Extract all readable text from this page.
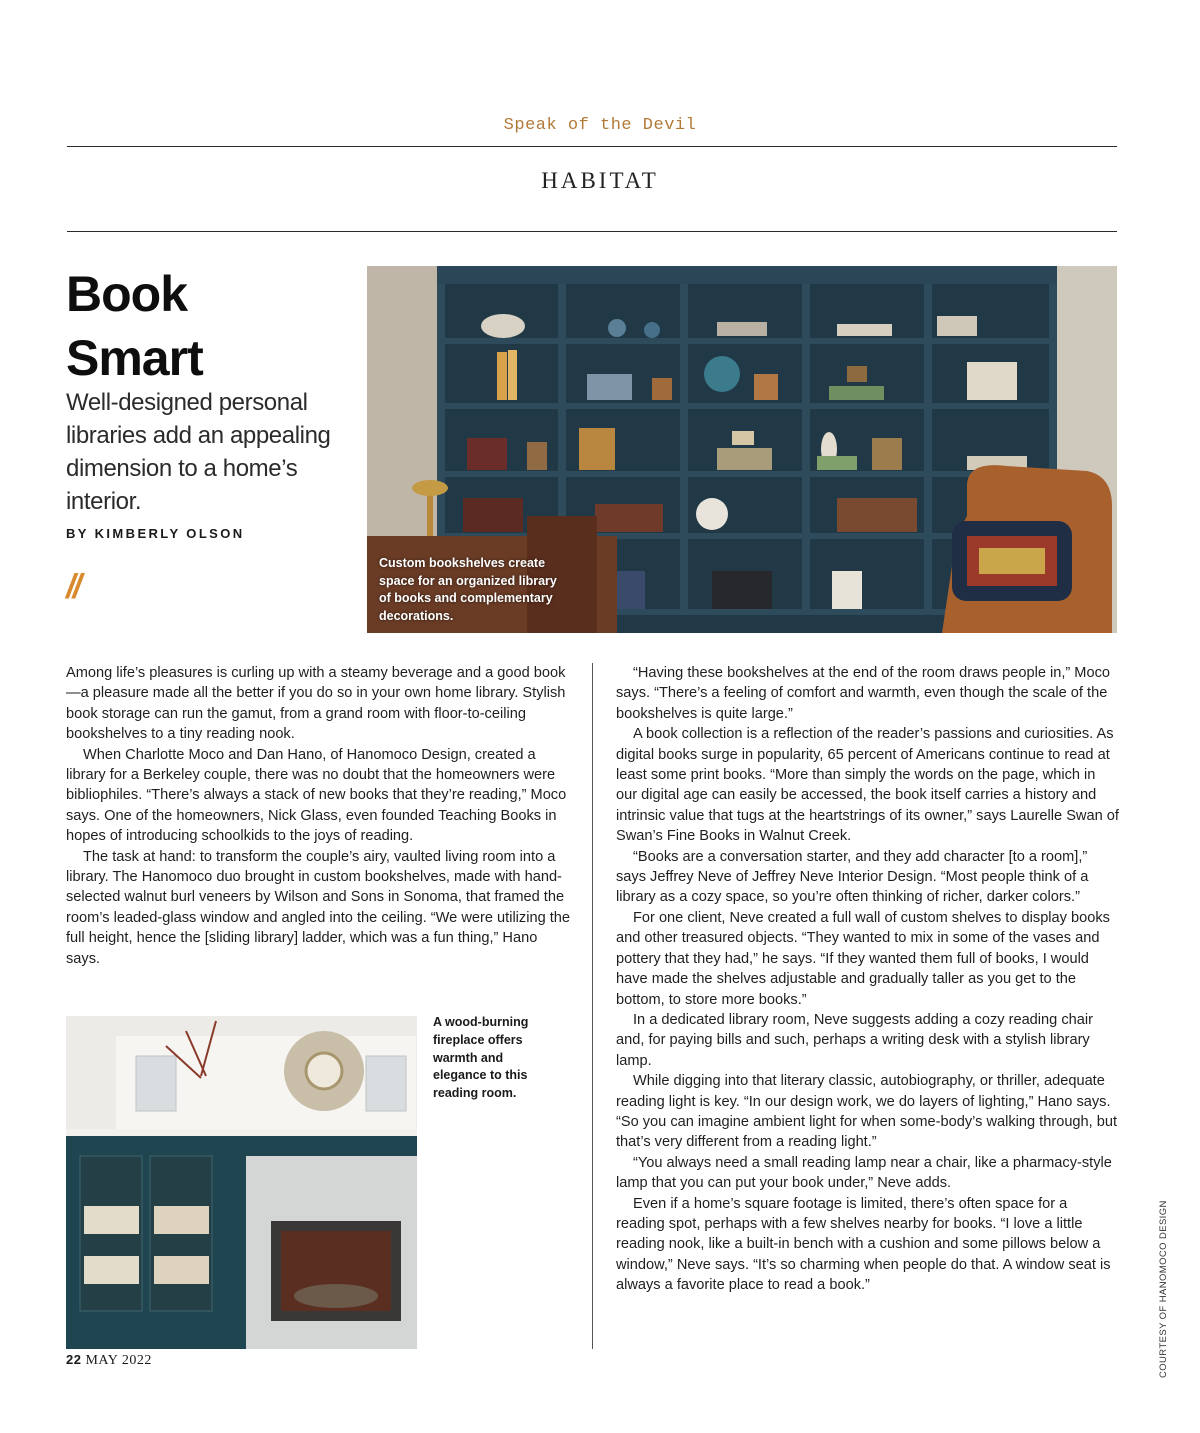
Speak of the Devil
HABITAT
Book
Smart
Well-designed personal libraries add an appealing dimension to a home’s interior.
BY KIMBERLY OLSON
//
Custom bookshelves create space for an organized library of books and complementary decorations.

Among life’s pleasures is curling up with a steamy beverage and a good book—a pleasure made all the better if you do so in your own home library. Stylish book storage can run the gamut, from a grand room with floor-to-ceiling bookshelves to a tiny reading nook.

When Charlotte Moco and Dan Hano, of Hanomoco Design, created a library for a Berkeley couple, there was no doubt that the homeowners were bibliophiles. “There’s always a stack of new books that they’re reading,” Moco says. One of the homeowners, Nick Glass, even founded Teaching Books in hopes of introducing schoolkids to the joys of reading.

The task at hand: to transform the couple’s airy, vaulted living room into a library. The Hanomoco duo brought in custom bookshelves, made with hand-selected walnut burl veneers by Wilson and Sons in Sonoma, that framed the room’s leaded-glass window and angled into the ceiling. “We were utilizing the full height, hence the [sliding library] ladder, which was a fun thing,” Hano says.

“Having these bookshelves at the end of the room draws people in,” Moco says. “There’s a feeling of comfort and warmth, even though the scale of the bookshelves is quite large.”

A book collection is a reflection of the reader’s passions and curiosities. As digital books surge in popularity, 65 percent of Americans continue to read at least some print books. “More than simply the words on the page, which in our digital age can easily be accessed, the book itself carries a history and intrinsic value that tugs at the heartstrings of its owner,” says Laurelle Swan of Swan’s Fine Books in Walnut Creek.

“Books are a conversation starter, and they add character [to a room],” says Jeffrey Neve of Jeffrey Neve Interior Design. “Most people think of a library as a cozy space, so you’re often thinking of richer, darker colors.”

For one client, Neve created a full wall of custom shelves to display books and other treasured objects. “They wanted to mix in some of the vases and pottery that they had,” he says. “If they wanted them full of books, I would have made the shelves adjustable and gradually taller as you get to the bottom, to store more books.”

In a dedicated library room, Neve suggests adding a cozy reading chair and, for paying bills and such, perhaps a writing desk with a stylish library lamp.

While digging into that literary classic, autobiography, or thriller, adequate reading light is key. “In our design work, we do layers of lighting,” Hano says. “So you can imagine ambient light for when some-body’s walking through, but that’s very different from a reading light.”

“You always need a small reading lamp near a chair, like a pharmacy-style lamp that you can put your book under,” Neve adds.

Even if a home’s square footage is limited, there’s often space for a reading spot, perhaps with a few shelves nearby for books. “I love a little reading nook, like a built-in bench with a cushion and some pillows below a window,” Neve says. “It’s so charming when people do that. A window seat is always a favorite place to read a book.”

A wood-burning fireplace offers warmth and elegance to this reading room.
COURTESY OF HANOMOCO DESIGN
22 MAY 2022
